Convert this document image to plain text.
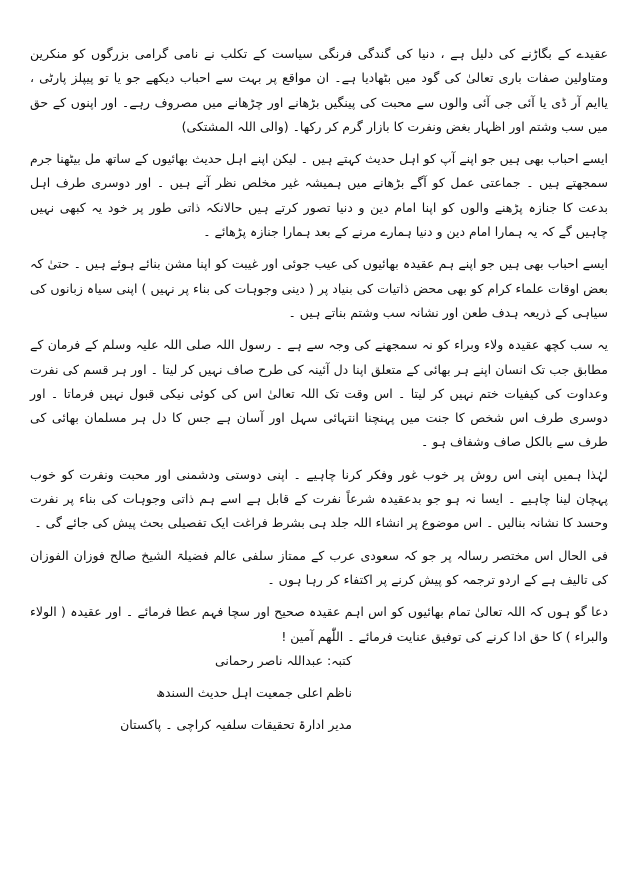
عقیدے کے بگاڑنے کی دلیل ہے ، دنیا کی گندگی فرنگی سیاست کے تکلب نے نامی گرامی بزرگوں کو منکرین ومتاولین صفات باری تعالیٰ کی گود میں بٹھادیا ہے۔ ان مواقع پر بہت سے احباب دیکھے جو یا تو پیپلز پارٹی ، یاایم آر ڈی یا آئی جی آئی والوں سے محبت کی پینگیں بڑھانے اور چڑھانے میں مصروف رہے۔ اور اپنوں کے حق میں سب وشتم اور اظہار بغض ونفرت کا بازار گرم کر رکھا۔ (والی اللہ المشتکی)

ایسے احباب بھی ہیں جو اپنے آپ کو اہل حدیث کہتے ہیں ۔ لیکن اپنے اہل حدیث بھائیوں کے ساتھ مل بیٹھنا جرم سمجھتے ہیں ۔ جماعتی عمل کو آگے بڑھانے میں ہمیشہ غیر مخلص نظر آتے ہیں ۔ اور دوسری طرف اہل بدعت کا جنازہ پڑھنے والوں کو اپنا امام دین و دنیا تصور کرتے ہیں حالانکہ ذاتی طور پر خود یہ کبھی نہیں چاہیں گے کہ یہ ہمارا امام دین و دنیا ہمارے مرنے کے بعد ہمارا جنازہ پڑھائے ۔

ایسے احباب بھی ہیں جو اپنے ہم عقیدہ بھائیوں کی عیب جوئی اور غیبت کو اپنا مشن بنائے ہوئے ہیں ۔ حتیٰ کہ بعض اوقات علماء کرام کو بھی محض ذاتیات کی بنیاد پر ( دینی وجوہات کی بناء پر نہیں ) اپنی سیاہ زبانوں کی سیاہی کے ذریعہ ہدف طعن اور نشانہ سب وشتم بناتے ہیں ۔

یہ سب کچھ عقیدہ ولاء وبراء کو نہ سمجھنے کی وجہ سے ہے ۔ رسول اللہ صلی اللہ علیہ وسلم کے فرمان کے مطابق جب تک انسان اپنے ہر بھائی کے متعلق اپنا دل آئینہ کی طرح صاف نہیں کر لیتا ۔ اور ہر قسم کی نفرت وعداوت کی کیفیات ختم نہیں کر لیتا ۔ اس وقت تک اللہ تعالیٰ اس کی کوئی نیکی قبول نہیں فرماتا ۔ اور دوسری طرف اس شخص کا جنت میں پہنچنا انتہائی سہل اور آسان ہے جس کا دل ہر مسلمان بھائی کی طرف سے بالکل صاف وشفاف ہو ۔

لہٰذا ہمیں اپنی اس روش پر خوب غور وفکر کرنا چاہیے ۔ اپنی دوستی ودشمنی اور محبت ونفرت کو خوب پہچان لینا چاہیے ۔ ایسا نہ ہو جو بدعقیدہ شرعاً نفرت کے قابل ہے اسے ہم ذاتی وجوہات کی بناء پر نفرت وحسد کا نشانہ بنالیں ۔ اس موضوع پر انشاء اللہ جلد ہی بشرط فراغت ایک تفصیلی بحث پیش کی جائے گی ۔

فی الحال اس مختصر رسالہ پر جو کہ سعودی عرب کے ممتاز سلفی عالم فضیلۃ الشیخ صالح فوزان الفوزان کی تالیف ہے کے اردو ترجمہ کو پیش کرنے پر اکتفاء کر رہا ہوں ۔

دعا گو ہوں کہ اللہ تعالیٰ تمام بھائیوں کو اس اہم عقیدہ صحیح اور سچا فہم عطا فرمائے ۔ اور عقیدہ ( الولاء والبراء ) کا حق ادا کرنے کی توفیق عنایت فرمائے ۔ اللّٰھم آمین !

کتبہ: عبداللہ ناصر رحمانی
ناظم اعلی جمعیت اہل حدیث السندھ
مدیر ادارۃ تحقیقات سلفیہ کراچی ۔ پاکستان
